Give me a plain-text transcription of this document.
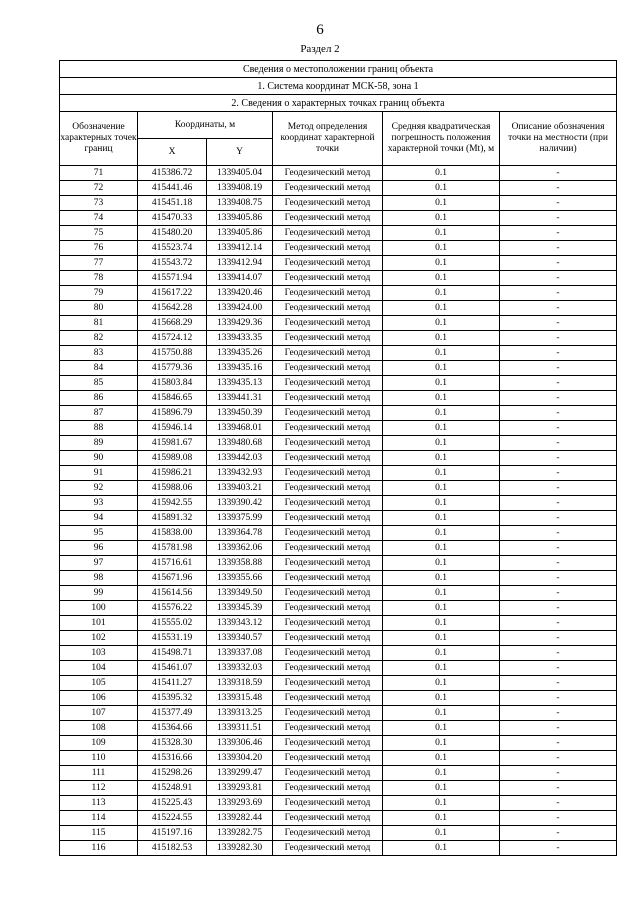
6
Раздел 2
Сведения о местоположении границ объекта					
1. Система координат МСК-58, зона 1					
2. Сведения о характерных точках границ объекта					
Обозначение характерных точек границ	Координаты, м		Метод определения координат характерной точки	Средняя квадратическая погрешность положения характерной точки (Mt), м	Описание обозначения точки на местности (при наличии)
	X	Y			
71	415386.72	1339405.04	Геодезический метод	0.1	-
72	415441.46	1339408.19	Геодезический метод	0.1	-
73	415451.18	1339408.75	Геодезический метод	0.1	-
74	415470.33	1339405.86	Геодезический метод	0.1	-
75	415480.20	1339405.86	Геодезический метод	0.1	-
76	415523.74	1339412.14	Геодезический метод	0.1	-
77	415543.72	1339412.94	Геодезический метод	0.1	-
78	415571.94	1339414.07	Геодезический метод	0.1	-
79	415617.22	1339420.46	Геодезический метод	0.1	-
80	415642.28	1339424.00	Геодезический метод	0.1	-
81	415668.29	1339429.36	Геодезический метод	0.1	-
82	415724.12	1339433.35	Геодезический метод	0.1	-
83	415750.88	1339435.26	Геодезический метод	0.1	-
84	415779.36	1339435.16	Геодезический метод	0.1	-
85	415803.84	1339435.13	Геодезический метод	0.1	-
86	415846.65	1339441.31	Геодезический метод	0.1	-
87	415896.79	1339450.39	Геодезический метод	0.1	-
88	415946.14	1339468.01	Геодезический метод	0.1	-
89	415981.67	1339480.68	Геодезический метод	0.1	-
90	415989.08	1339442.03	Геодезический метод	0.1	-
91	415986.21	1339432.93	Геодезический метод	0.1	-
92	415988.06	1339403.21	Геодезический метод	0.1	-
93	415942.55	1339390.42	Геодезический метод	0.1	-
94	415891.32	1339375.99	Геодезический метод	0.1	-
95	415838.00	1339364.78	Геодезический метод	0.1	-
96	415781.98	1339362.06	Геодезический метод	0.1	-
97	415716.61	1339358.88	Геодезический метод	0.1	-
98	415671.96	1339355.66	Геодезический метод	0.1	-
99	415614.56	1339349.50	Геодезический метод	0.1	-
100	415576.22	1339345.39	Геодезический метод	0.1	-
101	415555.02	1339343.12	Геодезический метод	0.1	-
102	415531.19	1339340.57	Геодезический метод	0.1	-
103	415498.71	1339337.08	Геодезический метод	0.1	-
104	415461.07	1339332.03	Геодезический метод	0.1	-
105	415411.27	1339318.59	Геодезический метод	0.1	-
106	415395.32	1339315.48	Геодезический метод	0.1	-
107	415377.49	1339313.25	Геодезический метод	0.1	-
108	415364.66	1339311.51	Геодезический метод	0.1	-
109	415328.30	1339306.46	Геодезический метод	0.1	-
110	415316.66	1339304.20	Геодезический метод	0.1	-
111	415298.26	1339299.47	Геодезический метод	0.1	-
112	415248.91	1339293.81	Геодезический метод	0.1	-
113	415225.43	1339293.69	Геодезический метод	0.1	-
114	415224.55	1339282.44	Геодезический метод	0.1	-
115	415197.16	1339282.75	Геодезический метод	0.1	-
116	415182.53	1339282.30	Геодезический метод	0.1	-
